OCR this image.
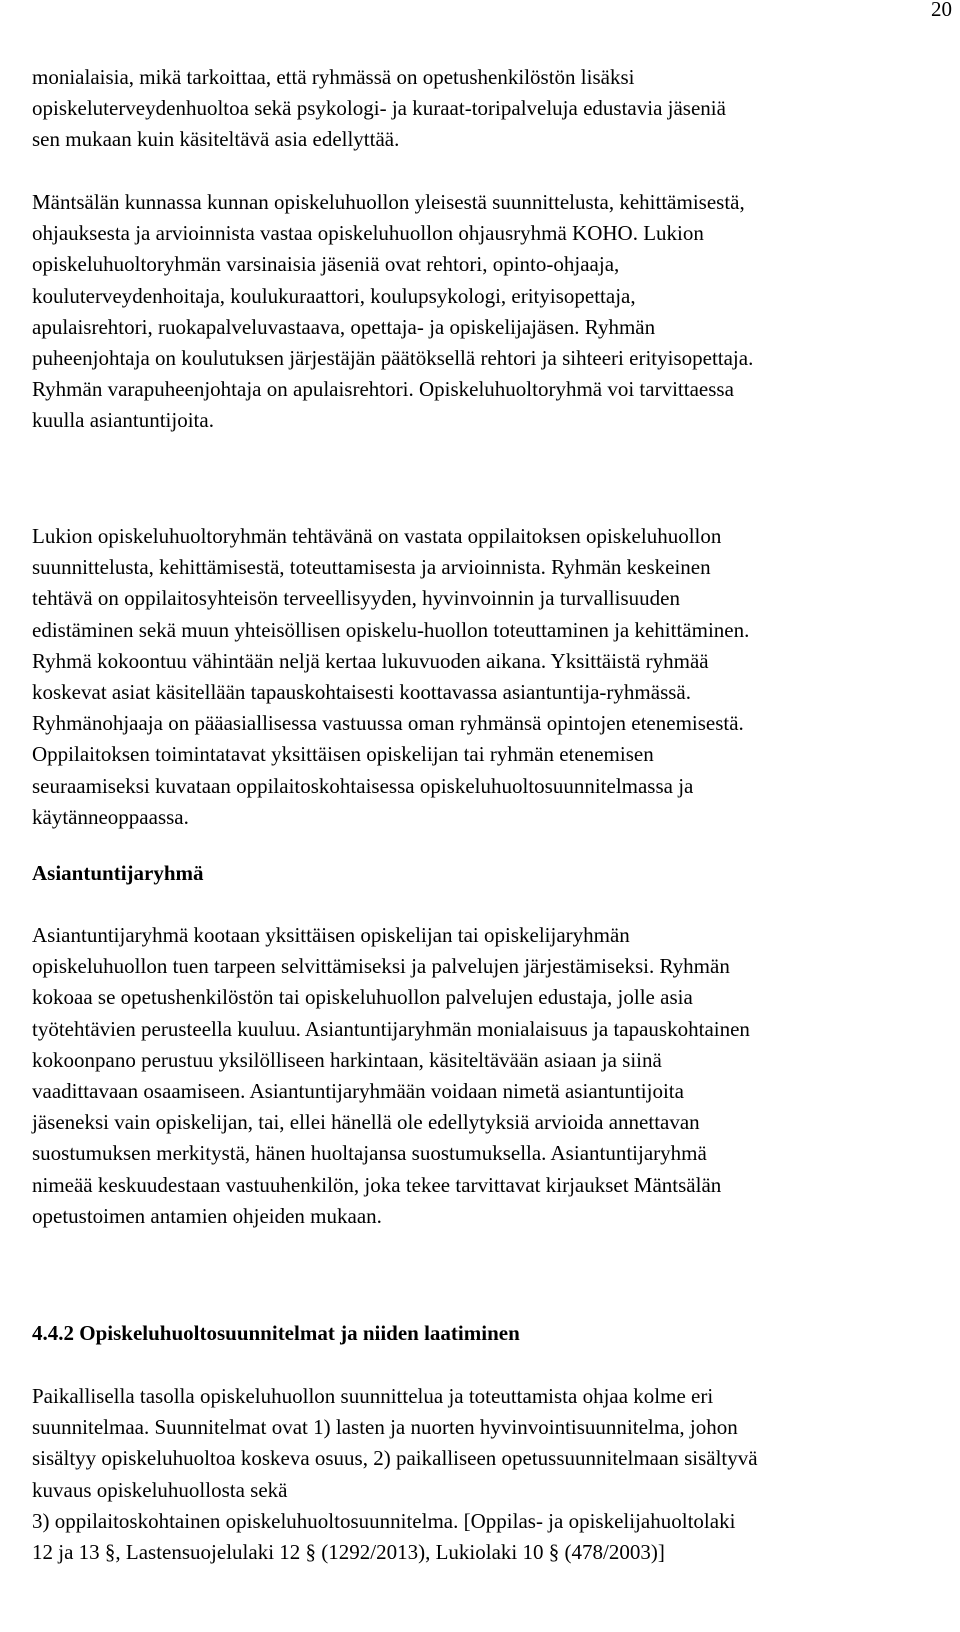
20

monialaisia, mikä tarkoittaa, että ryhmässä on opetushenkilöstön lisäksi
opiskeluterveydenhuoltoa sekä psykologi- ja kuraat-toripalveluja edustavia jäseniä
sen mukaan kuin käsiteltävä asia edellyttää.

Mäntsälän kunnassa kunnan opiskeluhuollon yleisestä suunnittelusta, kehittämisestä,
ohjauksesta ja arvioinnista vastaa opiskeluhuollon ohjausryhmä KOHO. Lukion
opiskeluhuoltoryhmän varsinaisia jäseniä ovat rehtori, opinto-ohjaaja,
kouluterveydenhoitaja, koulukuraattori, koulupsykologi, erityisopettaja,
apulaisrehtori, ruokapalveluvastaava, opettaja- ja opiskelijajäsen. Ryhmän
puheenjohtaja on koulutuksen järjestäjän päätöksellä rehtori ja sihteeri erityisopettaja.
Ryhmän varapuheenjohtaja on apulaisrehtori. Opiskeluhuoltoryhmä voi tarvittaessa
kuulla asiantuntijoita.

Lukion opiskeluhuoltoryhmän tehtävänä on vastata oppilaitoksen opiskeluhuollon
suunnittelusta, kehittämisestä, toteuttamisesta ja arvioinnista. Ryhmän keskeinen
tehtävä on oppilaitosyhteisön terveellisyyden, hyvinvoinnin ja turvallisuuden
edistäminen sekä muun yhteisöllisen opiskelu-huollon toteuttaminen ja kehittäminen.
Ryhmä kokoontuu vähintään neljä kertaa lukuvuoden aikana. Yksittäistä ryhmää
koskevat asiat käsitellään tapauskohtaisesti koottavassa asiantuntija-ryhmässä.
Ryhmänohjaaja on pääasiallisessa vastuussa oman ryhmänsä opintojen etenemisestä.
Oppilaitoksen toimintatavat yksittäisen opiskelijan tai ryhmän etenemisen
seuraamiseksi kuvataan oppilaitoskohtaisessa opiskeluhuoltosuunnitelmassa ja
käytänneoppaassa.

Asiantuntijaryhmä

Asiantuntijaryhmä kootaan yksittäisen opiskelijan tai opiskelijaryhmän
opiskeluhuollon tuen tarpeen selvittämiseksi ja palvelujen järjestämiseksi. Ryhmän
kokoaa se opetushenkilöstön tai opiskeluhuollon palvelujen edustaja, jolle asia
työtehtävien perusteella kuuluu. Asiantuntijaryhmän monialaisuus ja tapauskohtainen
kokoonpano perustuu yksilölliseen harkintaan, käsiteltävään asiaan ja siinä
vaadittavaan osaamiseen. Asiantuntijaryhmään voidaan nimetä asiantuntijoita
jäseneksi vain opiskelijan, tai, ellei hänellä ole edellytyksiä arvioida annettavan
suostumuksen merkitystä, hänen huoltajansa suostumuksella. Asiantuntijaryhmä
nimeää keskuudestaan vastuuhenkilön, joka tekee tarvittavat kirjaukset Mäntsälän
opetustoimen antamien ohjeiden mukaan.

4.4.2 Opiskeluhuoltosuunnitelmat ja niiden laatiminen

Paikallisella tasolla opiskeluhuollon suunnittelua ja toteuttamista ohjaa kolme eri
suunnitelmaa. Suunnitelmat ovat 1) lasten ja nuorten hyvinvointisuunnitelma, johon
sisältyy opiskeluhuoltoa koskeva osuus, 2) paikalliseen opetussuunnitelmaan sisältyvä
kuvaus opiskeluhuollosta sekä
3) oppilaitoskohtainen opiskeluhuoltosuunnitelma. [Oppilas- ja opiskelijahuoltolaki
12 ja 13 §, Lastensuojelulaki 12 § (1292/2013), Lukiolaki 10 § (478/2003)]
